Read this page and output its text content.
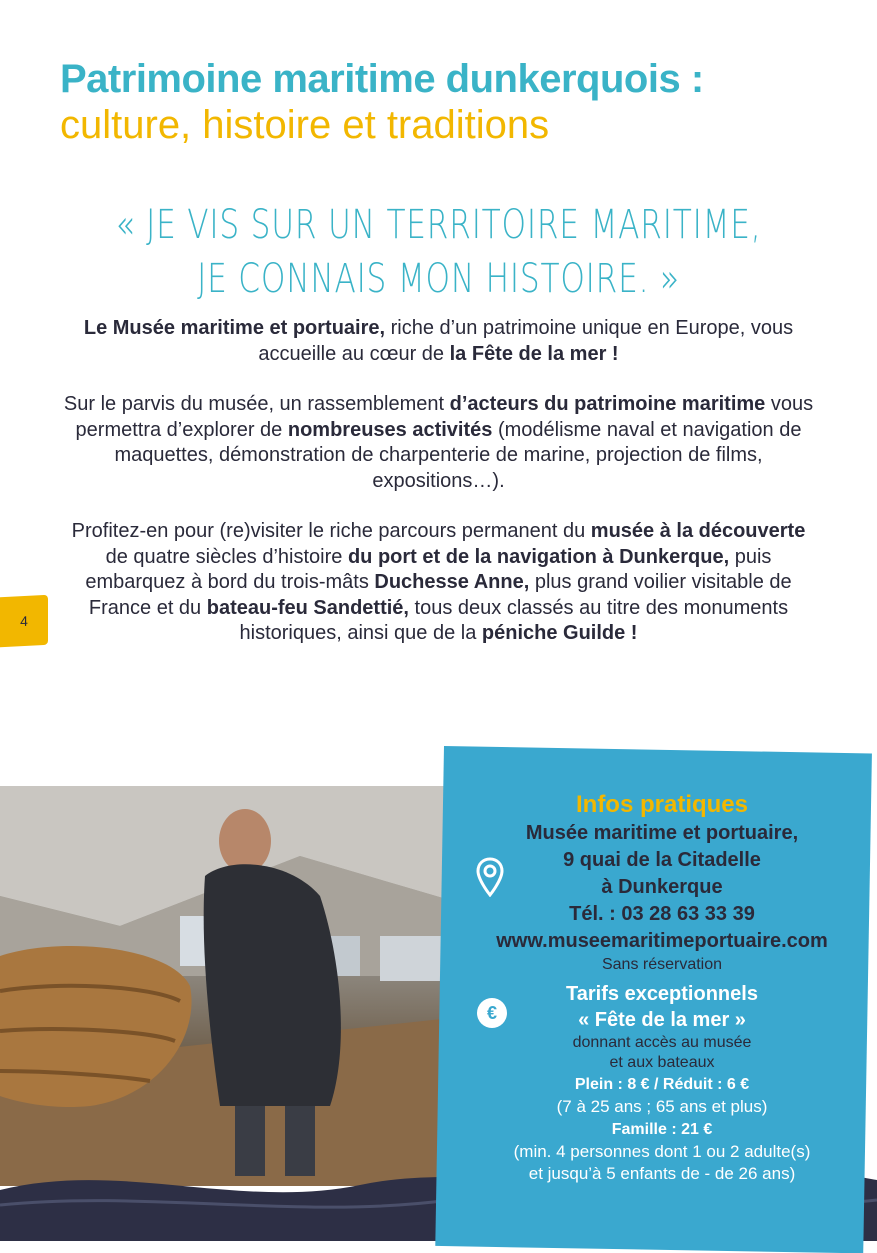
Patrimoine maritime dunkerquois :
culture, histoire et traditions
« JE VIS SUR UN TERRITOIRE MARITIME,
JE CONNAIS MON HISTOIRE. »

Le Musée maritime et portuaire, riche d’un patrimoine unique en Europe, vous accueille au cœur de la Fête de la mer !

Sur le parvis du musée, un rassemblement d’acteurs du patrimoine maritime vous permettra d’explorer de nombreuses activités (modélisme naval et navigation de maquettes, démonstration de charpenterie de marine, projection de films, expositions…).

Profitez-en pour (re)visiter le riche parcours permanent du musée à la découverte de quatre siècles d’histoire du port et de la navigation à Dunkerque, puis embarquez à bord du trois-mâts Duchesse Anne, plus grand voilier visitable de France et du bateau-feu Sandettié, tous deux classés au titre des monuments historiques, ainsi que de la péniche Guilde !

4
€
Infos pratiques
Musée maritime et portuaire,
9 quai de la Citadelle
à Dunkerque
Tél. : 03 28 63 33 39
www.museemaritimeportuaire.com
Sans réservation
Tarifs exceptionnels
« Fête de la mer »
donnant accès au musée
et aux bateaux
Plein : 8 € / Réduit : 6 €
(7 à 25 ans ; 65 ans et plus)
Famille : 21 €
(min. 4 personnes dont 1 ou 2 adulte(s)
et jusqu’à 5 enfants de - de 26 ans)
